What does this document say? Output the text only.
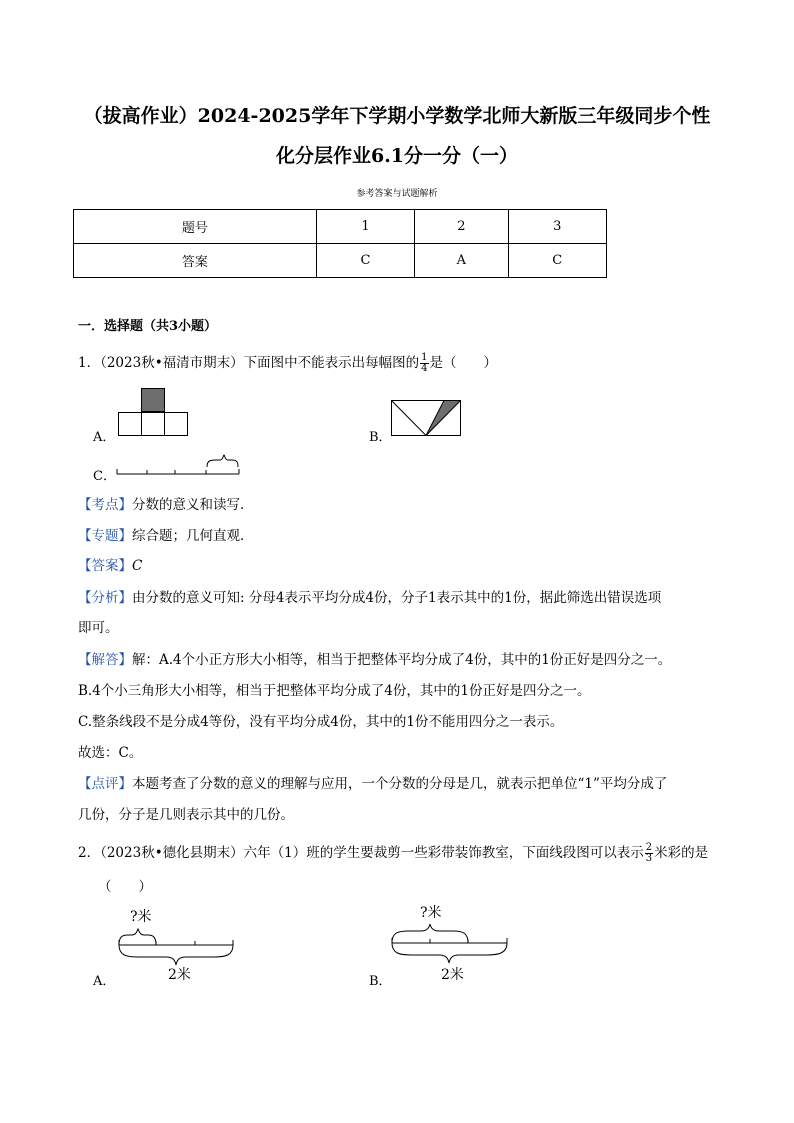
（拔高作业）2024-2025学年下学期小学数学北师大新版三年级同步个性
化分层作业6.1分一分（一）
参考答案与试题解析
题号	1	2	3
答案	C	A	C
一．选择题（共3小题）
1．（2023秋•福清市期末）下面图中不能表示出每幅图的 $\frac{1}{4}$ 是（　　）
A．	B．
C．
【考点】分数的意义和读写．
【专题】综合题；几何直观．
【答案】C
【分析】由分数的意义可知: 分母4表示平均分成4份，分子1表示其中的1份，据此筛选出错误选项
即可。
【解答】解：A.4个小正方形大小相等，相当于把整体平均分成了4份，其中的1份正好是四分之一。
B.4个小三角形大小相等，相当于把整体平均分成了4份，其中的1份正好是四分之一。
C.整条线段不是分成4等份，没有平均分成4份，其中的1份不能用四分之一表示。
故选：C。
【点评】本题考查了分数的意义的理解与应用，一个分数的分母是几，就表示把单位“1”平均分成了
几份，分子是几则表示其中的几份。
2．（2023秋•德化县期末）六年（1）班的学生要裁剪一些彩带装饰教室，下面线段图可以表示 $\frac{2}{3}$ 米彩的是
（　　）
A．
?米
2米	B．
?米
2米
